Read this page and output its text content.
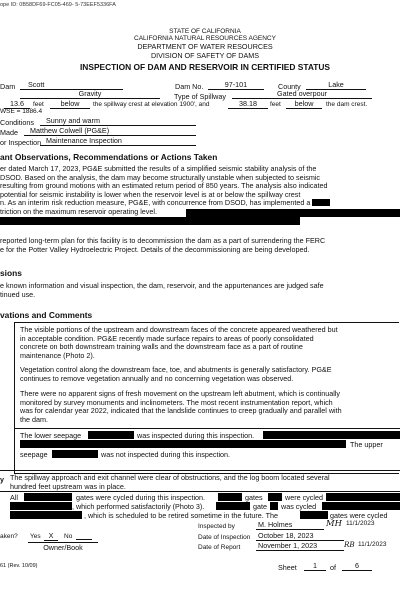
ope ID: 0B58DF69-FC05-469- 5-73EEF5336FA
STATE OF CALIFORNIA
CALIFORNIA NATURAL RESOURCES AGENCY
DEPARTMENT OF WATER RESOURCES
DIVISION OF SAFETY OF DAMS
INSPECTION OF DAM AND RESERVOIR IN CERTIFIED STATUS
Dam	Scott	Dam No.	97-101	County	Lake
Gravity	Type of Spillway	Gated overpour
13.6	feet	below	the spillway crest at elevation 1900', and	38.18	feet	below	the dam crest.
WSE = 1886.4
Conditions	Sunny and warm
Made	Matthew Colwell (PG&E)
or Inspection Maintenance Inspection
ant Observations, Recommendations or Actions Taken
er dated March 17, 2023, PG&E submitted the results of a simplified seismic stability analysis of the
DSOD. Based on the analysis, the dam may become structurally unstable when subjected to seismic
resulting from ground motions with an estimated return period of 850 years. The analysis also indicated
potential for seismic instability is lower when the reservoir level is at or below the spillway crest
n. As an interim risk reduction measure, PG&E, with concurrence from DSOD, has implemented a
triction on the maximum reservoir operating level.
reported long-term plan for this facility is to decommission the dam as a part of surrendering the FERC
e for the Potter Valley Hydroelectric Project. Details of the decommissioning are being developed.
sions
e known information and visual inspection, the dam, reservoir, and the appurtenances are judged safe
tinued use.
vations and Comments
The visible portions of the upstream and downstream faces of the concrete appeared weathered but
in acceptable condition. PG&E recently made surface repairs to areas of poorly consolidated
concrete on both downstream training walls and the downstream face as a part of routine
maintenance (Photo 2).
Vegetation control along the downstream face, toe, and abutments is generally satisfactory. PG&E
continues to remove vegetation annually and no concerning vegetation was observed.
There were no apparent signs of fresh movement on the upstream left abutment, which is continually
monitored by survey monuments and inclinometers. The most recent instrumentation report, which
was for calendar year 2022, indicated that the landslide continues to creep gradually and parallel with
the dam.
The lower seepage	was inspected during this inspection.
The upper
seepage	was not inspected during this inspection.
y The spillway approach and exit channel were clear of obstructions, and the log boom located several
hundred feet upstream was in place.
All	gates were cycled during this inspection.	gates	were cycled
, which performed satisfactorily (Photo 3).	gate was cycled
, which is scheduled to be retired sometime in the future. The	gates were cycled
aken? Yes	X	No
Owner/Book
Inspected by	M. Holmes	MH 11/1/2023
Date of Inspection October 18, 2023
Date of Report November 1, 2023	RB 11/1/2023
61 (Rev. 10/09)	Sheet	1	of	6
